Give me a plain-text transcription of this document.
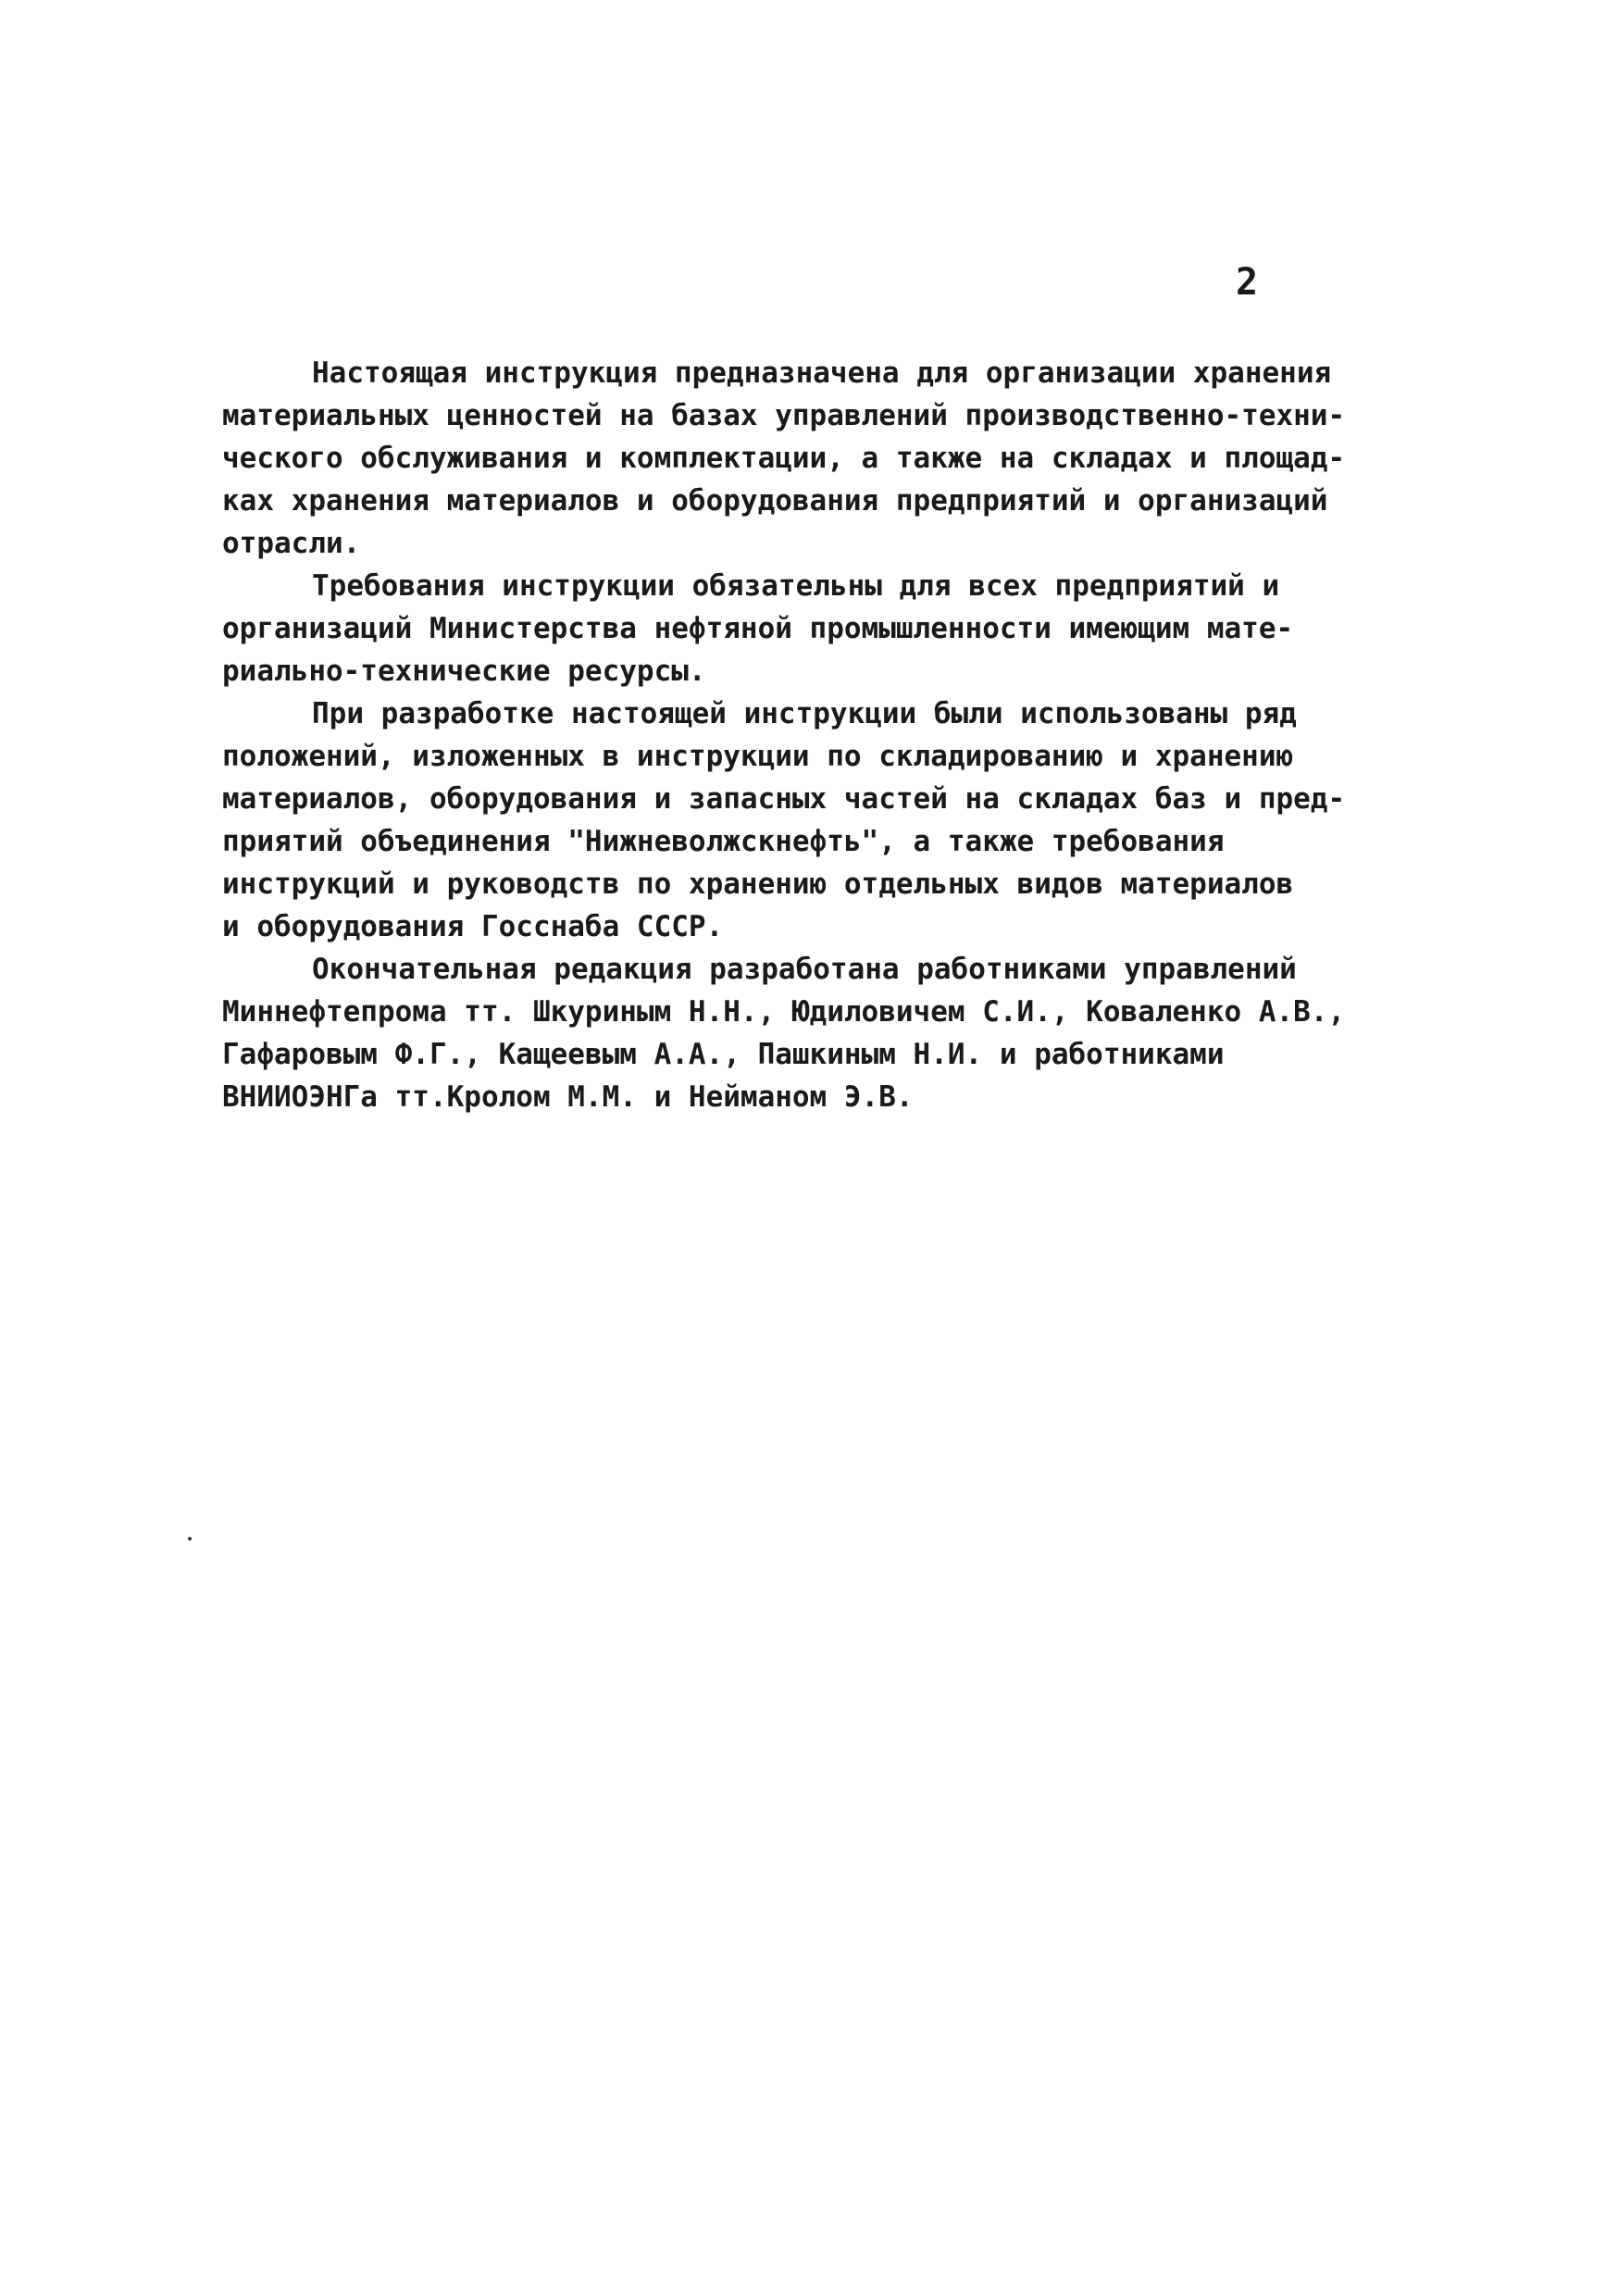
2
Настоящая инструкция предназначена для организации хранения
материальных ценностей на базах управлений производственно-техни-
ческого обслуживания и комплектации, а также на складах и площад-
ках хранения материалов и оборудования предприятий и организаций
отрасли.
Требования инструкции обязательны для всех предприятий и
организаций Министерства нефтяной промышленности имеющим мате-
риально-технические ресурсы.
При разработке настоящей инструкции были использованы ряд
положений, изложенных в инструкции по складированию и хранению
материалов, оборудования и запасных частей на складах баз и пред-
приятий объединения "Нижневолжскнефть", а также требования
инструкций и руководств по хранению отдельных видов материалов
и оборудования Госснаба СССР.
Окончательная редакция разработана работниками управлений
Миннефтепрома тт. Шкуриным Н.Н., Юдиловичем С.И., Коваленко А.В.,
Гафаровым Ф.Г., Кащеевым А.А., Пашкиным Н.И. и работниками
ВНИИОЭНГа тт.Кролом М.М. и Нейманом Э.В.
